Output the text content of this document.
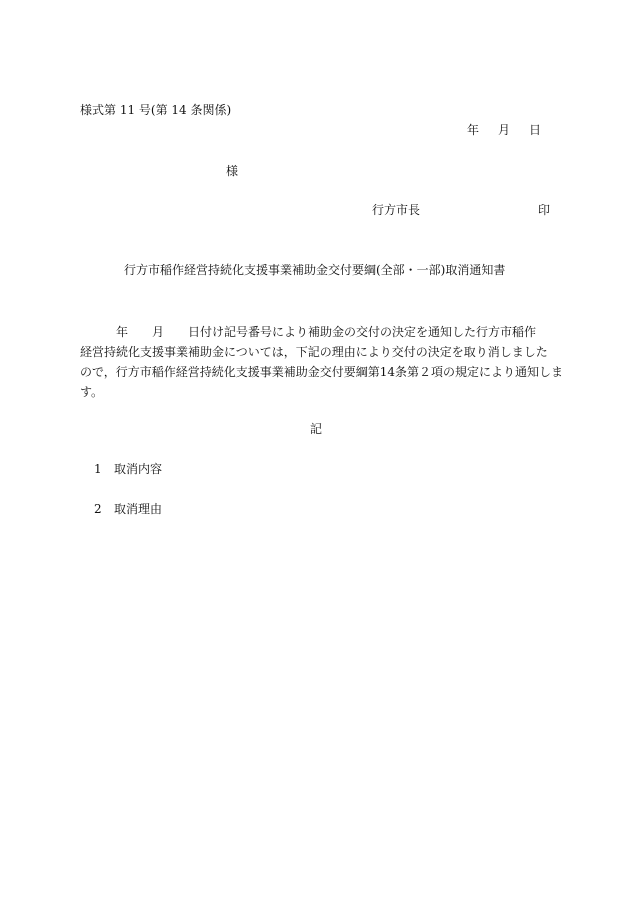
様式第 11 号(第 14 条関係)
年 月 日
様
行方市長	印
行方市稲作経営持続化支援事業補助金交付要綱(全部・一部)取消通知書
年　　月　　日付け記号番号により補助金の交付の決定を通知した行方市稲作
経営持続化支援事業補助金については，下記の理由により交付の決定を取り消しました
ので，行方市稲作経営持続化支援事業補助金交付要綱第14条第２項の規定により通知しま
す。
記
1 取消内容
2 取消理由
